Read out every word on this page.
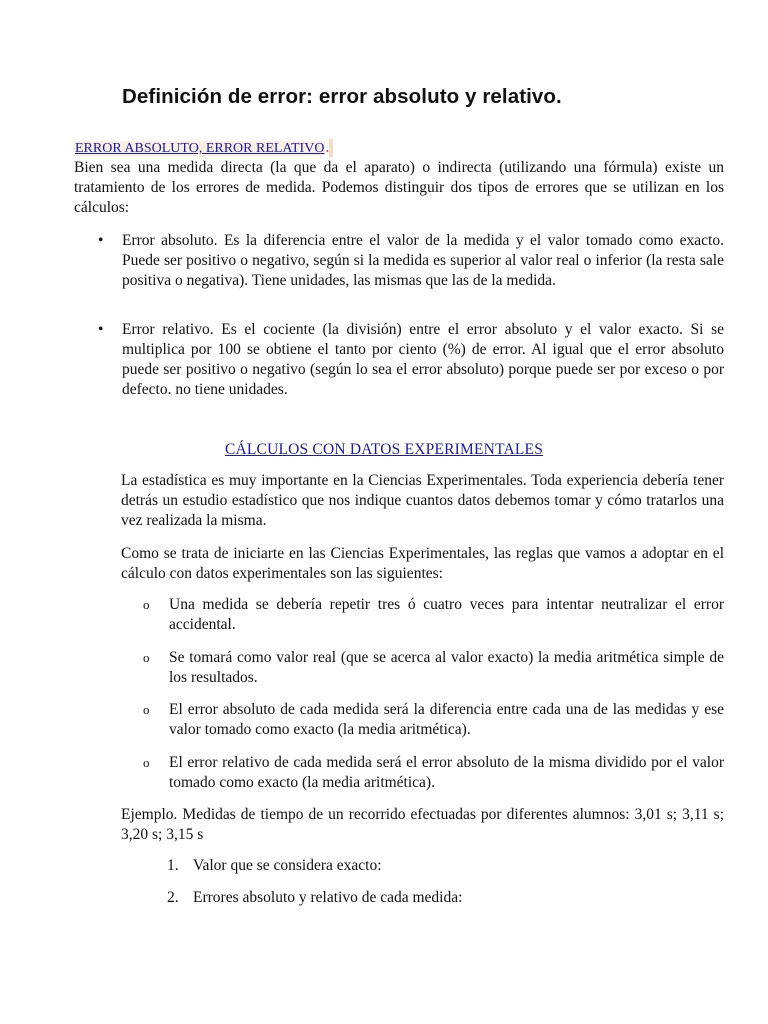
Definición de error: error absoluto y relativo.
ERROR ABSOLUTO, ERROR RELATIVO.
Bien sea una medida directa (la que da el aparato) o indirecta (utilizando una fórmula) existe un tratamiento de los errores de medida. Podemos distinguir dos tipos de errores que se utilizan en los cálculos:
• Error absoluto. Es la diferencia entre el valor de la medida y el valor tomado como exacto. Puede ser positivo o negativo, según si la medida es superior al valor real o inferior (la resta sale positiva o negativa). Tiene unidades, las mismas que las de la medida.
• Error relativo. Es el cociente (la división) entre el error absoluto y el valor exacto. Si se multiplica por 100 se obtiene el tanto por ciento (%) de error. Al igual que el error absoluto puede ser positivo o negativo (según lo sea el error absoluto) porque puede ser por exceso o por defecto. no tiene unidades.
CÁLCULOS CON DATOS EXPERIMENTALES
La estadística es muy importante en la Ciencias Experimentales. Toda experiencia debería tener detrás un estudio estadístico que nos indique cuantos datos debemos tomar y cómo tratarlos una vez realizada la misma.
Como se trata de iniciarte en las Ciencias Experimentales, las reglas que vamos a adoptar en el cálculo con datos experimentales son las siguientes:
o Una medida se debería repetir tres ó cuatro veces para intentar neutralizar el error accidental.
o Se tomará como valor real (que se acerca al valor exacto) la media aritmética simple de los resultados.
o El error absoluto de cada medida será la diferencia entre cada una de las medidas y ese valor tomado como exacto (la media aritmética).
o El error relativo de cada medida será el error absoluto de la misma dividido por el valor tomado como exacto (la media aritmética).
Ejemplo. Medidas de tiempo de un recorrido efectuadas por diferentes alumnos: 3,01 s; 3,11 s; 3,20 s; 3,15 s
1. Valor que se considera exacto:
2. Errores absoluto y relativo de cada medida:
